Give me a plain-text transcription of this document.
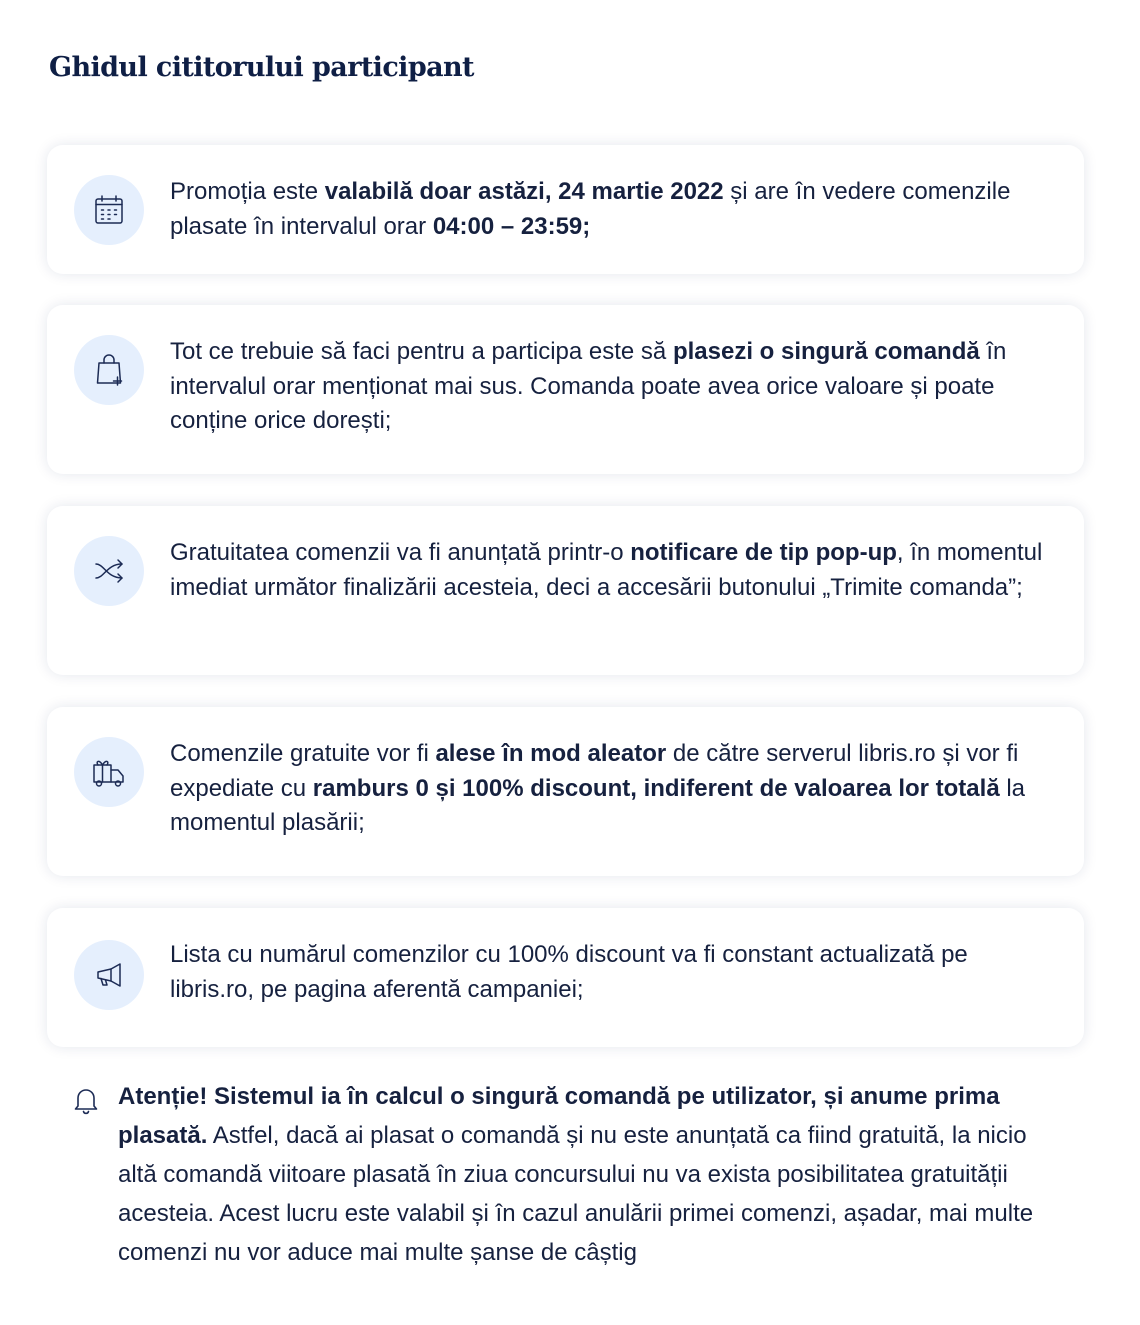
Ghidul cititorului participant

Promoția este valabilă doar astăzi, 24 martie 2022 și are în vedere comenzile plasate în intervalul orar 04:00 – 23:59;

Tot ce trebuie să faci pentru a participa este să plasezi o singură comandă în intervalul orar menționat mai sus. Comanda poate avea orice valoare și poate conține orice dorești;

Gratuitatea comenzii va fi anunțată printr-o notificare de tip pop-up, în momentul imediat următor finalizării acesteia, deci a accesării butonului „Trimite comanda”;

Comenzile gratuite vor fi alese în mod aleator de către serverul libris.ro și vor fi expediate cu ramburs 0 și 100% discount, indiferent de valoarea lor totală la momentul plasării;

Lista cu numărul comenzilor cu 100% discount va fi constant actualizată pe libris.ro, pe pagina aferentă campaniei;

Atenție! Sistemul ia în calcul o singură comandă pe utilizator, și anume prima plasată. Astfel, dacă ai plasat o comandă și nu este anunțată ca fiind gratuită, la nicio altă comandă viitoare plasată în ziua concursului nu va exista posibilitatea gratuității acesteia. Acest lucru este valabil și în cazul anulării primei comenzi, așadar, mai multe comenzi nu vor aduce mai multe șanse de câștig
